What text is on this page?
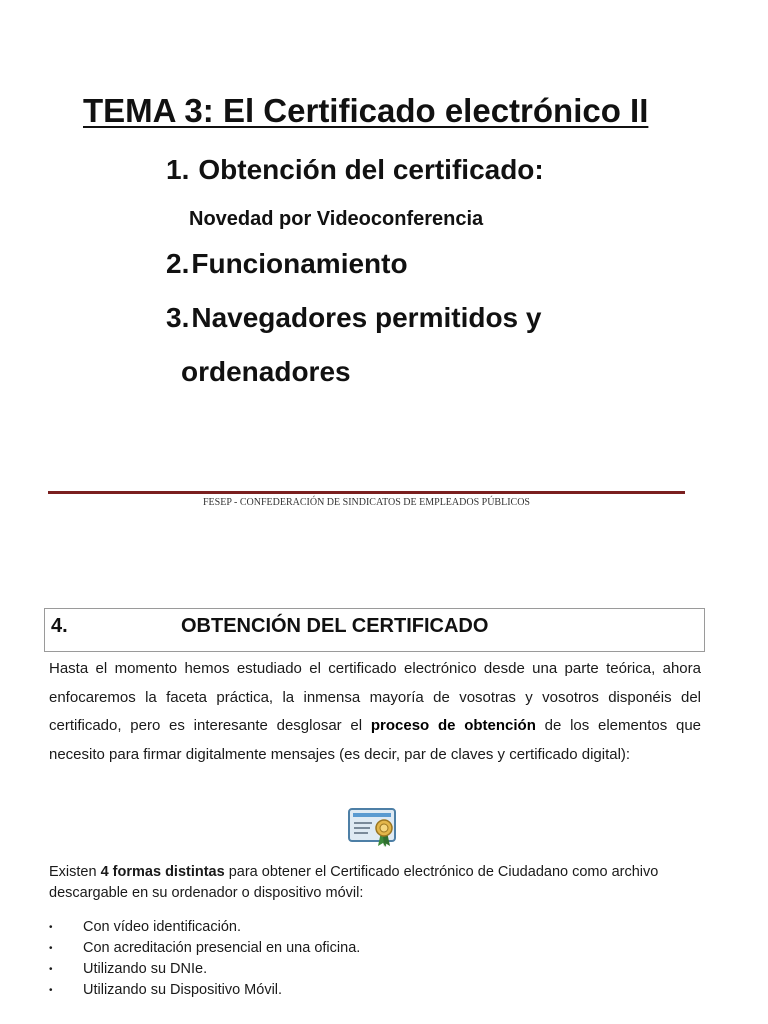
TEMA 3: El Certificado electrónico II
1. Obtención del certificado:
Novedad por Videoconferencia
2.Funcionamiento
3.Navegadores permitidos y
ordenadores
FESEP - CONFEDERACIÓN DE SINDICATOS DE EMPLEADOS PÚBLICOS
4.	OBTENCIÓN DEL CERTIFICADO
Hasta el momento hemos estudiado el certificado electrónico desde una parte teórica, ahora enfocaremos la faceta práctica, la inmensa mayoría de vosotras y vosotros disponéis del certificado, pero es interesante desglosar el proceso de obtención de los elementos que necesito para firmar digitalmente mensajes (es decir, par de claves y certificado digital):
Existen 4 formas distintas para obtener el Certificado electrónico de Ciudadano como archivo descargable en su ordenador o dispositivo móvil:
•	Con vídeo identificación.
•	Con acreditación presencial en una oficina.
•	Utilizando su DNIe.
•	Utilizando su Dispositivo Móvil.
